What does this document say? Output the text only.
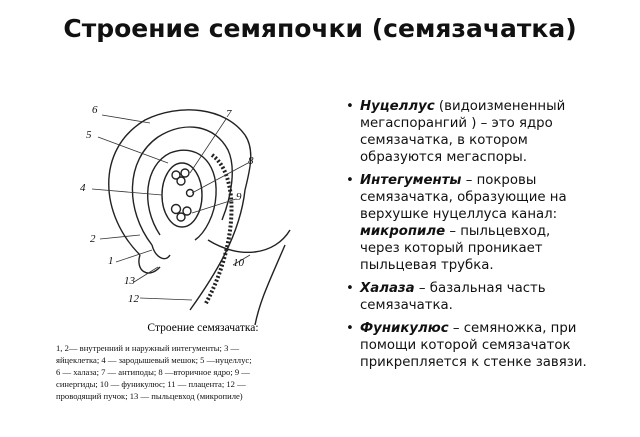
Строение семяпочки (семязачатка)
6	7
5
8
4
9
2
1	10
13
12
Строение семязачатка:
1, 2— внутренний и наружный интегументы; 3 —
яйцеклетка; 4 — зародышевый мешок; 5 —нуцеллус;
6 — халаза; 7 — антиподы; 8 —вторичное ядро; 9 —
синергиды; 10 — фуникулюс; 11 — плацента; 12 —
проводящий пучок; 13 — пыльцевход (микропиле)
• Нуцеллус (видоизмененный
мегаспорангий ) – это ядро
семязачатка, в котором
образуются мегаспоры.
• Интегументы – покровы
семязачатка, образующие на
верхушке нуцеллуса канал:
микропиле – пыльцевход,
через который проникает
пыльцевая трубка.
• Халаза – базальная часть
семязачатка.
• Фуникулюс – семяножка, при
помощи которой семязачаток
прикрепляется к стенке завязи.
